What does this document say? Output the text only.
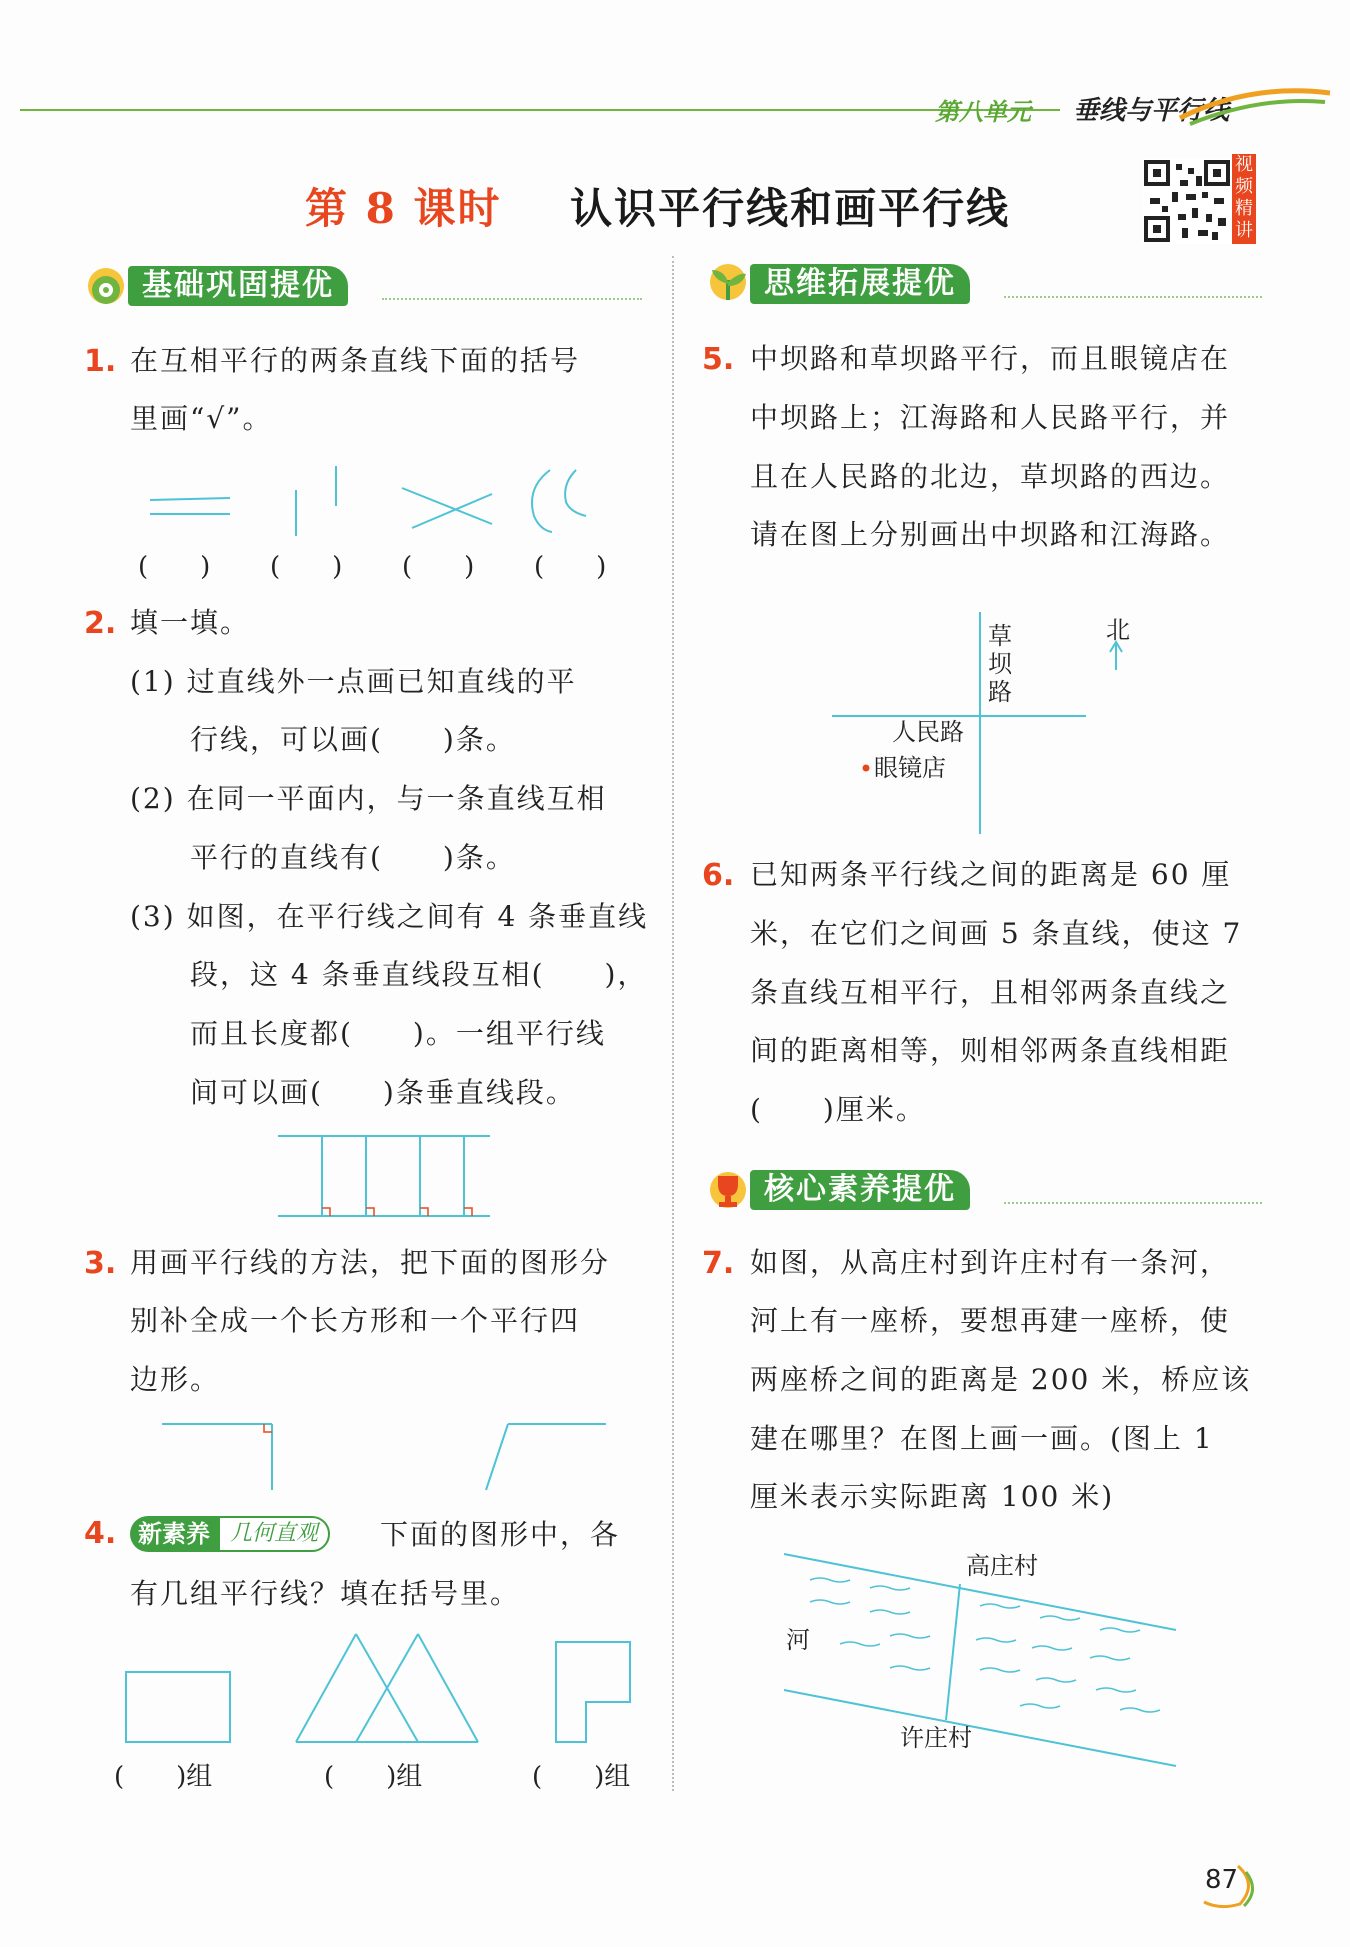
第八单元 垂线与平行线
第 8 课时 认识平行线和画平行线
视频精讲
基础巩固提优
1. 在互相平行的两条直线下面的括号
里画“√”。
(　　) (　　) (　　) (　　)
2. 填一填。
(1) 过直线外一点画已知直线的平
行线，可以画(　　)条。
(2) 在同一平面内，与一条直线互相
平行的直线有(　　)条。
(3) 如图，在平行线之间有 4 条垂直线
段，这 4 条垂直线段互相(　　)，
而且长度都(　　)。一组平行线
间可以画(　　)条垂直线段。
3. 用画平行线的方法，把下面的图形分
别补全成一个长方形和一个平行四
边形。
4. 新素养 几何直观	下面的图形中，各
有几组平行线？填在括号里。
(　　)组	(　　)组	(　　)组
思维拓展提优
5. 中坝路和草坝路平行，而且眼镜店在
中坝路上；江海路和人民路平行，并
且在人民路的北边，草坝路的西边。
请在图上分别画出中坝路和江海路。
草
坝
路
北
人民路
眼镜店
6. 已知两条平行线之间的距离是 60 厘
米，在它们之间画 5 条直线，使这 7
条直线互相平行，且相邻两条直线之
间的距离相等，则相邻两条直线相距
(　　)厘米。
核心素养提优
7. 如图，从高庄村到许庄村有一条河，
河上有一座桥，要想再建一座桥，使
两座桥之间的距离是 200 米，桥应该
建在哪里？在图上画一画。(图上 1
厘米表示实际距离 100 米)
高庄村
河
许庄村
87
